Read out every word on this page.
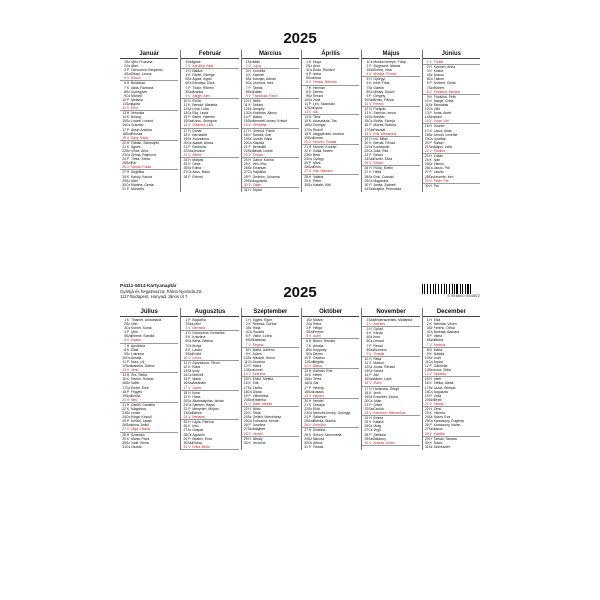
2025
Január
1 Sz Újév, Fruzsina
2 Cs Ábel
3 P Genovéva, Benjámin
4 Szo Titusz, Leona
5 V Simon
6 H Boldizsár
7 K Attila, Ramóna
8 Sz Gyöngyvér
9 Cs Marcell
10 P Melánia
11 Szo Ágota
12 V Ernő
13 H Veronika
14 K Bódog
15 Sz Lóránt, Loránd
16 Cs Gusztáv
17 P Antal, Antónia
18 Szo Piroska
19 V Sára, Márió
20 H Fábián, Sebestyén
21 K Ágnes
22 Sz Vince, Artúr
23 Cs Zelma, Rajmund
24 P Timót, Xénia
25 Szo Pál
26 V Vanda, Paula
27 H Angelika
28 K Károly, Karola
29 Sz Adél
30 Cs Martina, Gerda
31 P Marcella
Február
1 Szo Ignác
2 V Karolina, Aida
3 H Balázs
4 K Ráhel, Csenge
5 Sz Ágota, Ingrid
6 Cs Dorottya, Dóra
7 P Tódor, Rómeó
8 Szo Aranka
9 V Abigél, Alex
10 H Elvira
11 K Bertold, Marietta
12 Sz Lívia, Lídia
13 Cs Ella, Linda
14 P Bálint, Valentin
15 Szo Kolos, Georgina
16 V Julianna, Lilla
17 H Donát
18 K Bernadett
19 Sz Zsuzsanna
20 Cs Aladár, Álmos
21 P Eleonóra
22 Szo Gerzson
23 V Alfréd
24 H Mátyás
25 K Géza
26 Sz Edina
27 Cs Ákos, Bátor
28 P Elemér
Március
1 Szo Albin
2 V Lujza
3 H Kornélia
4 K Kázmér
5 Sz Adorján, Adrián
6 Cs Leonóra, Inez
7 P Tamás
8 Szo Zoltán
9 V Franciska, Fanni
10 H Ildikó
11 K Szilárd
12 Sz Gergely
13 Cs Krisztián, Ajtony
14 P Matild
15 Szo Nemzeti ünnep, Kristóf
16 V Henrietta
17 H Gertrúd, Patrik
18 K Sándor, Ede
19 Sz József, Bánk
20 Cs Klaudia
21 P Benedek
22 Szo Beáta, Izolda
23 V Emőke
24 H Gábor, Karina
25 K Irén, Írisz
26 Sz Emánuel
27 Cs Hajnalka
28 P Gedeon, Johanna
29 Szo Auguszta
30 V Zalán
31 H Árpád
Április
1 K Hugó
2 Sz Áron
3 Cs Buda, Richárd
4 P Izidor
5 Szo Vince
6 V Vilmos, Bíborka
7 H Herman
8 K Dénes
9 Sz Erhard
10 Cs Zsolt
11 P Leó, Szaniszló
12 Szo Gyula
13 V Ida
14 H Tibor
15 K Anasztázia, Tas
16 Sz Csongor
17 Cs Rudolf
18 P Nagypéntek, Andrea
19 Szo Emma
20 V Húsvét, Tivadar
21 H Húsvét, Konrád
22 K Csilla, Noémi
23 Sz Béla
24 Cs György
25 P Márk
26 Szo Ervin
27 V Zita, Mariann
28 H Valéria
29 K Péter
30 Sz Katalin, Kitti
Május
1 Cs Munka ünnepe, Fülöp
2 P Zsigmond, Atanáz
3 Szo Tímea, Irma
4 V Mónika, Flórián
5 H Györgyi
6 K Ivett, Frida
7 Sz Gizella
8 Cs Mihály, Győző
9 P Gergely
10 Szo Ármin, Pálma
11 V Ferenc
12 H Pongrác
13 K Szervác, Imola
14 Sz Bonifác
15 Cs Zsófia, Szonja
16 P Mózes, Botond
17 Szo Paszkál
18 V Erik, Alexandra
19 H Ivó, Milán
20 K Bernát, Felícia
21 Sz Konstantin
22 Cs Júlia, Rita
23 P Dezső
24 Szo Eszter, Eliza
25 V Orbán
26 H Fülöp, Evelin
27 K Hella
28 Sz Emil, Csanád
29 Cs Magdolna
30 P Janka, Zsanett
31 Szo Angéla, Petronella
Június
1 V Tünde
2 H Kármen, Anita
3 K Klotild
4 Sz Bulcsú
5 Cs Fatime
6 P Norbert, Cintia
7 Szo Róbert
8 V Pünkösd, Medárd
9 H Pünkösd, Félix
10 K Margit, Gréta
11 Sz Barnabás
12 Cs Villő
13 P Antal, Anett
14 Szo Vazul
15 V Jolán, Vid
16 H Jusztin
17 K Laura, Alida
18 Sz Arnold, Levente
19 Cs Gyárfás
20 P Rafael
21 Szo Alajos, Leila
22 V Paulina
23 H Zoltán
24 K Iván
25 Sz Vilmos
26 Cs János, Pál
27 P László
28 Szo Levente, Irén
29 V Péter, Pál
30 H Pál
2025
P4111-5014 Kártyanaptár
Gyártja és forgalmazza: Pátria Nyomda Zrt.
1117 Budapest, Hunyadi János út 7.	5 998600 554502
Július
1 K Tihamér, Annamária
2 Sz Ottó
3 Cs Kornél, Soma
4 P Ulrik
5 Szo Emese, Sarolta
6 V Csaba
7 H Apollónia
8 K Ellák
9 Sz Lukrécia
10 Cs Amália
11 P Nóra, Lili
12 Szo Izabella, Dalma
13 V Jenő
14 H Örs, Stella
15 K Henrik, Roland
16 Sz Valter
17 Cs Endre, Elek
18 P Frigyes
19 Szo Emília
20 V Illés
21 H Dániel, Daniella
22 K Magdolna
23 Sz Lenke
24 Cs Kinga, Kincső
25 P Kristóf, Jakab
26 Szo Anna, Anikó
27 V Olga, Liliána
28 H Szabolcs
29 K Márta, Flóra
30 Sz Judit, Xénia
31 Cs Oszkár
Augusztus
1 P Boglárka
2 Szo Lehel
3 V Hermina
4 H Domonkos, Dominika
5 K Krisztina
6 Sz Berta, Bettina
7 Cs Ibolya
8 P László
9 Szo Emőd
10 V Lőrinc
11 H Zsuzsanna, Tiborc
12 K Klára
13 Sz Ipoly
14 Cs Marcell
15 P Mária
16 Szo Ábrahám
17 V Jácint
18 H Ilona
19 K Huba
20 Sz Államalapítás, István
21 Cs Sámuel, Hajna
22 P Menyhért, Mirjam
23 Szo Bence
24 V Bertalan
25 H Lajos, Patrícia
26 K Izsó
27 Sz Gáspár
28 Cs Ágoston
29 P Beatrix, Erna
30 Szo Rózsa
31 V Erika, Bella
Szeptember
1 H Egyed, Egon
2 K Rebeka, Dorina
3 Sz Hilda
4 Cs Rozália
5 P Viktor, Lőrinc
6 Szo Zakariás
7 V Regina
8 H Mária, Adrienn
9 K Ádám
10 Sz Nikolett, Hunor
11 Cs Teodóra
12 P Mária
13 Szo Kornél
14 V Szeréna
15 H Enikő, Melitta
16 K Edit
17 Sz Zsófia
18 Cs Diána
19 P Vilhelmina
20 Szo Friderika
21 V Máté, Mirella
22 H Móric
23 K Tekla
24 Sz Gellért, Mercédesz
25 Cs Eufrozina, Kende
26 P Jusztina
27 Szo Adalbert
28 V Vencel
29 H Mihály
30 K Jeromos
Október
1 Sz Malvin
2 Cs Petra
3 P Helga
4 Szo Ferenc
5 V Aurél
6 H Brúnó, Renáta
7 K Amália
8 Sz Koppány
9 Cs Dénes
10 P Gedeon
11 Szo Brigitta
12 V Miksa
13 H Kálmán, Ede
14 K Helén
15 Sz Teréz
16 Cs Gál
17 P Hedvig
18 Szo Lukács
19 V Nándor
20 H Vendel
21 K Orsolya
22 Sz Előd
23 Cs Nemzeti ünnep, Gyöngyi
24 P Salamon
25 Szo Blanka, Bianka
26 V Dömötör
27 H Szabina
28 K Simon, Szimonetta
29 Sz Nárcisz
30 Cs Alfonz
31 P Farkas
November
1 Szo Mindenszentek, Marianna
2 V Achilles
3 H Győző
4 K Károly
5 Sz Imre
6 Cs Lénárd
7 P Rezső
8 Szo Zsombor
9 V Tivadar
10 H Réka
11 K Márton
12 Sz Jónás, Renátó
13 Cs Szilvia
14 P Aliz
15 Szo Albert, Lipót
16 V Ödön
17 H Hortenzia, Gergő
18 K Jenő
19 Sz Erzsébet, Zsóka
20 Cs Jolán
21 P Olivér
22 Szo Cecília
23 V Kelemen, Klementina
24 H Emma
25 K Katalin
26 Sz Virág
27 Cs Virgil
28 P Stefánia
29 Szo Taksony
30 V András, Andor
December
1 H Elza
2 K Melinda, Vivien
3 Sz Ferenc, Olívia
4 Cs Borbála, Barbara
5 P Vilma
6 Szo Miklós
7 V Ambrus
8 H Mária
9 K Natália
10 Sz Judit
11 Cs Árpád
12 P Gabriella
13 Szo Luca, Otília
14 V Szilárda
15 H Valér
16 K Etelka, Aletta
17 Sz Lázár, Olimpia
18 Cs Auguszta
19 P Viola
20 Szo Teofil
21 V Tamás
22 H Zénó
23 K Viktória
24 Sz Ádám, Éva
25 Cs Karácsony, Eugénia
26 P Karácsony, István
27 Szo János
28 V Kamilla
29 H Tamás, Tamara
30 K Dávid
31 Sz Szilveszter
